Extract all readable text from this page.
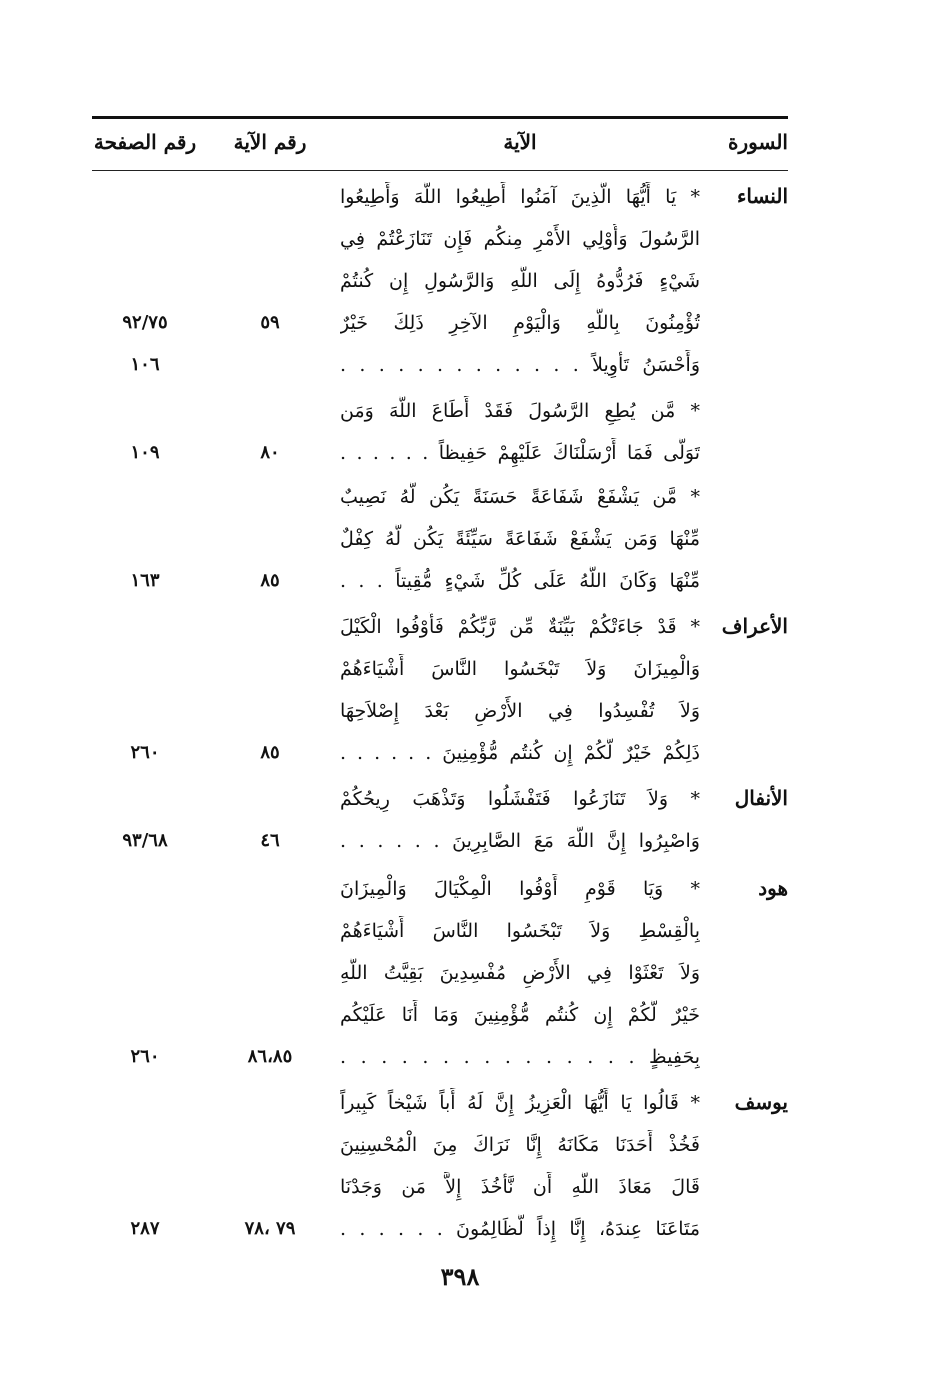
السورة
الآية
رقم الآية
رقم الصفحة
النساء
* يَا أَيُّهَا الَّذِينَ آمَنُوا أَطِيعُوا اللَّهَ وَأَطِيعُوا
الرَّسُولَ وَأُوْلِي الأَمْرِ مِنكُم فَإِن تَنَازَعْتُمْ فِي
شَيْءٍ فَرُدُّوهُ إِلَى اللَّهِ وَالرَّسُولِ إِن كُنتُمْ
تُؤْمِنُونَ بِاللَّهِ وَالْيَوْمِ الآخِرِ ذَلِكَ خَيْرٌ
وَأَحْسَنُ تَأْوِيلاً . . . . . . . . . . . . .
٥٩
٩٢/٧٥
١٠٦
* مَّن يُطِعِ الرَّسُولَ فَقَدْ أَطَاعَ اللَّهَ وَمَن
تَوَلَّى فَمَا أَرْسَلْنَاكَ عَلَيْهِمْ حَفِيظاً . . . . . .
٨٠
١٠٩
* مَّن يَشْفَعْ شَفَاعَةً حَسَنَةً يَكُن لَّهُ نَصِيبٌ
مِّنْهَا وَمَن يَشْفَعْ شَفَاعَةً سَيِّئَةً يَكُن لَّهُ كِفْلٌ
مِّنْهَا وَكَانَ اللَّهُ عَلَى كُلِّ شَيْءٍ مُّقِيتاً . . .
٨٥
١٦٣
الأعراف
* قَدْ جَاءَتْكُمْ بَيِّنَةٌ مِّن رَّبِّكُمْ فَأَوْفُوا الْكَيْلَ
وَالْمِيزَانَ وَلاَ تَبْخَسُوا النَّاسَ أَشْيَاءَهُمْ
وَلاَ تُفْسِدُوا فِي الأَرْضِ بَعْدَ إِصْلاَحِهَا
ذَلِكُمْ خَيْرٌ لَّكُمْ إِن كُنتُم مُّؤْمِنِينَ . . . . . .
٨٥
٢٦٠
الأنفال
* وَلاَ تَنَازَعُوا فَتَفْشَلُوا وَتَذْهَبَ رِيحُكُمْ
وَاصْبِرُوا إِنَّ اللَّهَ مَعَ الصَّابِرِينَ . . . . . .
٤٦
٩٣/٦٨
هود
* وَيَا قَوْمِ أَوْفُوا الْمِكْيَالَ وَالْمِيزَانَ
بِالْقِسْطِ وَلاَ تَبْخَسُوا النَّاسَ أَشْيَاءَهُمْ
وَلاَ تَعْثَوْا فِي الأَرْضِ مُفْسِدِينَ بَقِيَّتُ اللَّهِ
خَيْرٌ لَّكُمْ إِن كُنتُم مُّؤْمِنِينَ وَمَا أَنَا عَلَيْكُم
بِحَفِيظٍ . . . . . . . . . . . . . . .
٨٦،٨٥
٢٦٠
يوسف
* قَالُوا يَا أَيُّهَا الْعَزِيزُ إِنَّ لَهُ أَباً شَيْخاً كَبِيراً
فَخُذْ أَحَدَنَا مَكَانَهُ إِنَّا نَرَاكَ مِنَ الْمُحْسِنِينَ
قَالَ مَعَاذَ اللَّهِ أَن نَّأْخُذَ إِلاَّ مَن وَجَدْنَا
مَتَاعَنَا عِندَهُ، إِنَّا إِذاً لَّظَالِمُونَ . . . . . .
٧٩ ،٧٨
٢٨٧
٣٩٨
